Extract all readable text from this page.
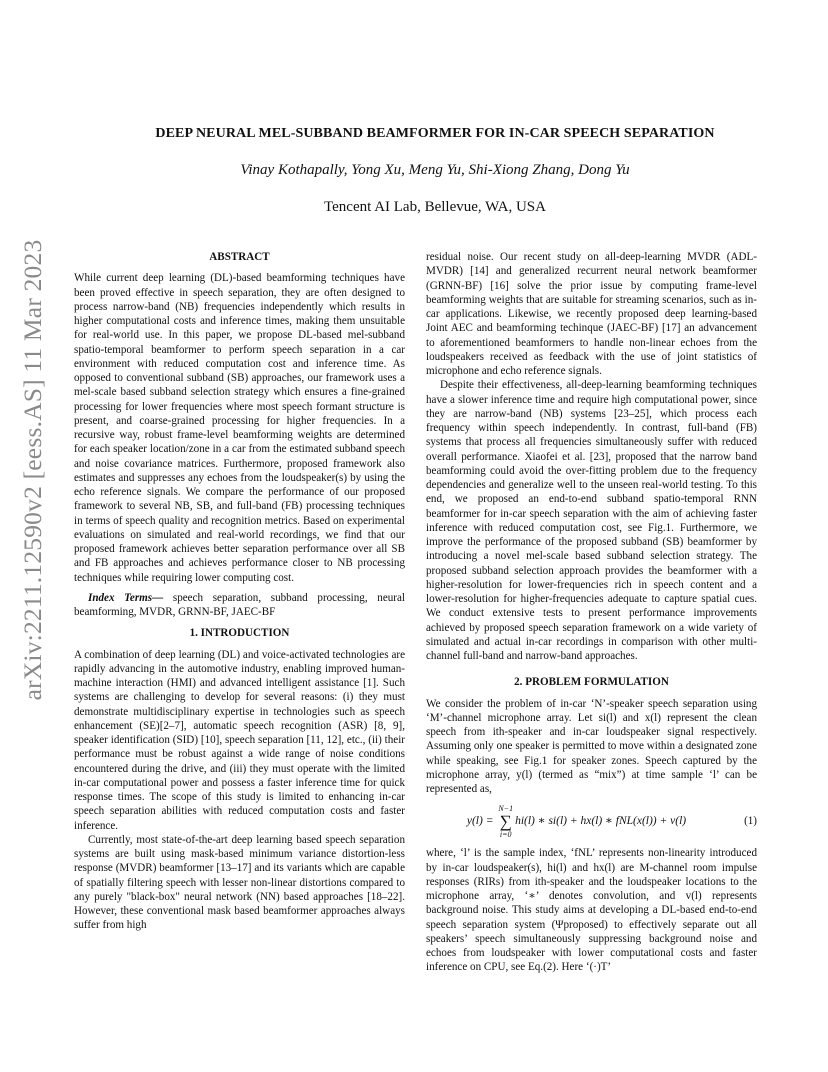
arXiv:2211.12590v2 [eess.AS] 11 Mar 2023
DEEP NEURAL MEL-SUBBAND BEAMFORMER FOR IN-CAR SPEECH SEPARATION
Vinay Kothapally, Yong Xu, Meng Yu, Shi-Xiong Zhang, Dong Yu
Tencent AI Lab, Bellevue, WA, USA
ABSTRACT

While current deep learning (DL)-based beamforming techniques have been proved effective in speech separation, they are often designed to process narrow-band (NB) frequencies independently which results in higher computational costs and inference times, making them unsuitable for real-world use. In this paper, we propose DL-based mel-subband spatio-temporal beamformer to perform speech separation in a car environment with reduced computation cost and inference time. As opposed to conventional subband (SB) approaches, our framework uses a mel-scale based subband selection strategy which ensures a fine-grained processing for lower frequencies where most speech formant structure is present, and coarse-grained processing for higher frequencies. In a recursive way, robust frame-level beamforming weights are determined for each speaker location/zone in a car from the estimated subband speech and noise covariance matrices. Furthermore, proposed framework also estimates and suppresses any echoes from the loudspeaker(s) by using the echo reference signals. We compare the performance of our proposed framework to several NB, SB, and full-band (FB) processing techniques in terms of speech quality and recognition metrics. Based on experimental evaluations on simulated and real-world recordings, we find that our proposed framework achieves better separation performance over all SB and FB approaches and achieves performance closer to NB processing techniques while requiring lower computing cost.

Index Terms— speech separation, subband processing, neural beamforming, MVDR, GRNN-BF, JAEC-BF

1. INTRODUCTION

A combination of deep learning (DL) and voice-activated technologies are rapidly advancing in the automotive industry, enabling improved human-machine interaction (HMI) and advanced intelligent assistance [1]. Such systems are challenging to develop for several reasons: (i) they must demonstrate multidisciplinary expertise in technologies such as speech enhancement (SE)[2–7], automatic speech recognition (ASR) [8, 9], speaker identification (SID) [10], speech separation [11, 12], etc., (ii) their performance must be robust against a wide range of noise conditions encountered during the drive, and (iii) they must operate with the limited in-car computational power and possess a faster inference time for quick response times. The scope of this study is limited to enhancing in-car speech separation abilities with reduced computation costs and faster inference.

Currently, most state-of-the-art deep learning based speech separation systems are built using mask-based minimum variance distortion-less response (MVDR) beamformer [13–17] and its variants which are capable of spatially filtering speech with lesser non-linear distortions compared to any purely "black-box" neural network (NN) based approaches [18–22]. However, these conventional mask based beamformer approaches always suffer from high

residual noise. Our recent study on all-deep-learning MVDR (ADL-MVDR) [14] and generalized recurrent neural network beamformer (GRNN-BF) [16] solve the prior issue by computing frame-level beamforming weights that are suitable for streaming scenarios, such as in-car applications. Likewise, we recently proposed deep learning-based Joint AEC and beamforming techinque (JAEC-BF) [17] an advancement to aforementioned beamformers to handle non-linear echoes from the loudspeakers received as feedback with the use of joint statistics of microphone and echo reference signals.

Despite their effectiveness, all-deep-learning beamforming techniques have a slower inference time and require high computational power, since they are narrow-band (NB) systems [23–25], which process each frequency within speech independently. In contrast, full-band (FB) systems that process all frequencies simultaneously suffer with reduced overall performance. Xiaofei et al. [23], proposed that the narrow band beamforming could avoid the over-fitting problem due to the frequency dependencies and generalize well to the unseen real-world testing. To this end, we proposed an end-to-end subband spatio-temporal RNN beamformer for in-car speech separation with the aim of achieving faster inference with reduced computation cost, see Fig.1. Furthermore, we improve the performance of the proposed subband (SB) beamformer by introducing a novel mel-scale based subband selection strategy. The proposed subband selection approach provides the beamformer with a higher-resolution for lower-frequencies rich in speech content and a lower-resolution for higher-frequencies adequate to capture spatial cues. We conduct extensive tests to present performance improvements achieved by proposed speech separation framework on a wide variety of simulated and actual in-car recordings in comparison with other multi-channel full-band and narrow-band approaches.

2. PROBLEM FORMULATION

We consider the problem of in-car ‘N’-speaker speech separation using ‘M’-channel microphone array. Let si(l) and x(l) represent the clean speech from ith-speaker and in-car loudspeaker signal respectively. Assuming only one speaker is permitted to move within a designated zone while speaking, see Fig.1 for speaker zones. Speech captured by the microphone array, y(l) (termed as “mix”) at time sample ‘l’ can be represented as,

y(l) =
N−1
∑
i=0
hi(l) ∗ si(l) + hx(l) ∗ fNL(x(l)) + v(l)	(1)

where, ‘l’ is the sample index, ‘fNL’ represents non-linearity introduced by in-car loudspeaker(s), hi(l) and hx(l) are M-channel room impulse responses (RIRs) from ith-speaker and the loudspeaker locations to the microphone array, ‘∗’ denotes convolution, and v(l) represents background noise. This study aims at developing a DL-based end-to-end speech separation system (Ψproposed) to effectively separate out all speakers’ speech simultaneously suppressing background noise and echoes from loudspeaker with lower computational costs and faster inference on CPU, see Eq.(2). Here ‘(·)T’
